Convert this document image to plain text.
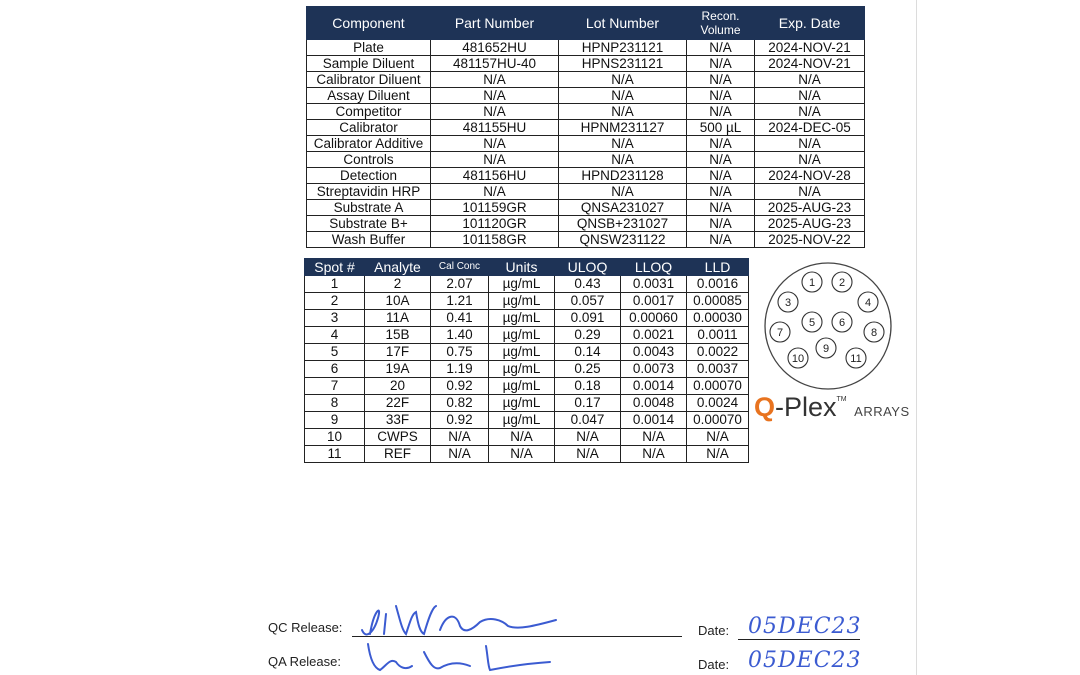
Component	Part Number	Lot Number	Recon. Volume	Exp. Date
Plate	481652HU	HPNP231121	N/A	2024-NOV-21
Sample Diluent	481157HU-40	HPNS231121	N/A	2024-NOV-21
Calibrator Diluent	N/A	N/A	N/A	N/A
Assay Diluent	N/A	N/A	N/A	N/A
Competitor	N/A	N/A	N/A	N/A
Calibrator	481155HU	HPNM231127	500 µL	2024-DEC-05
Calibrator Additive	N/A	N/A	N/A	N/A
Controls	N/A	N/A	N/A	N/A
Detection	481156HU	HPND231128	N/A	2024-NOV-28
Streptavidin HRP	N/A	N/A	N/A	N/A
Substrate A	101159GR	QNSA231027	N/A	2025-AUG-23
Substrate B+	101120GR	QNSB+231027	N/A	2025-AUG-23
Wash Buffer	101158GR	QNSW231122	N/A	2025-NOV-22
Spot #	Analyte	Cal Conc	Units	ULOQ	LLOQ	LLD
1	2	2.07	µg/mL	0.43	0.0031	0.0016
2	10A	1.21	µg/mL	0.057	0.0017	0.00085
3	11A	0.41	µg/mL	0.091	0.00060	0.00030
4	15B	1.40	µg/mL	0.29	0.0021	0.0011
5	17F	0.75	µg/mL	0.14	0.0043	0.0022
6	19A	1.19	µg/mL	0.25	0.0073	0.0037
7	20	0.92	µg/mL	0.18	0.0014	0.00070
8	22F	0.82	µg/mL	0.17	0.0048	0.0024
9	33F	0.92	µg/mL	0.047	0.0014	0.00070
10	CWPS	N/A	N/A	N/A	N/A	N/A
11	REF	N/A	N/A	N/A	N/A	N/A
1 2
3	4
5 6
7	8
9
10	11
Q-Plex™ ARRAYS
QC Release:	Date: 05DEC23
QA Release:	Date: 05DEC23
